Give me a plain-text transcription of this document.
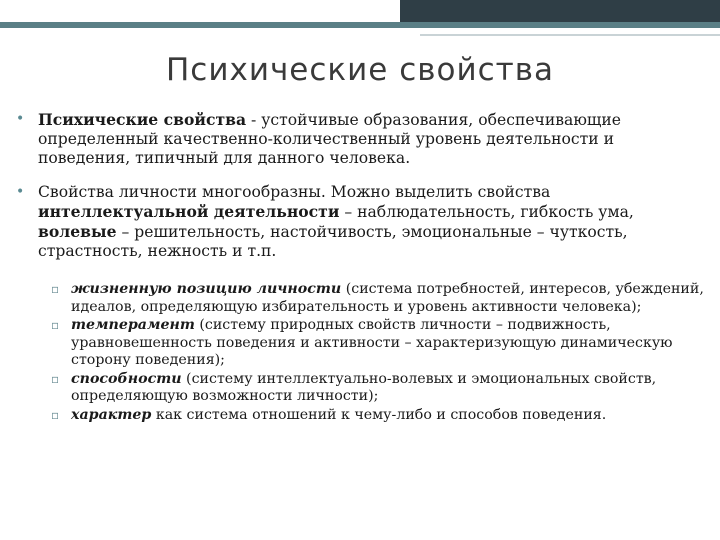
Психические свойства
• Психические свойства - устойчивые образования, обеспечивающие определенный качественно-количественный уровень деятельности и поведения, типичный для данного человека.
• Свойства личности многообразны. Можно выделить свойства интеллектуальной деятельности – наблюдательность, гибкость ума, волевые – решительность, настойчивость, эмоциональные – чуткость, страстность, нежность и т.п.
▫ жизненную позицию личности (система потребностей, интересов, убеждений, идеалов, определяющую избирательность и уровень активности человека);
▫ темперамент (систему природных свойств личности – подвижность, уравновешенность поведения и активности – характеризующую динамическую сторону поведения);
▫ способности (систему интеллектуально-волевых и эмоциональных свойств, определяющую возможности личности);
▫ характер как система отношений к чему-либо и способов поведения.
